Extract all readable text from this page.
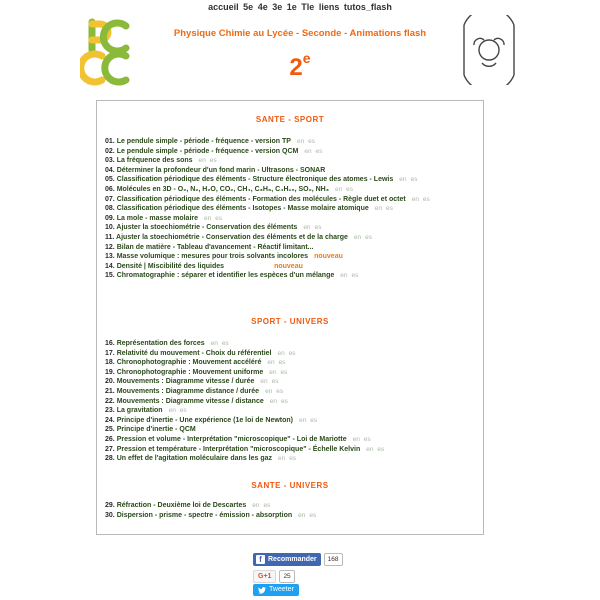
accueil 5e 4e 3e 1e Tle liens tutos_flash
Physique Chimie au Lycée - Seconde - Animations flash
2e
SANTE - SPORT
01. Le pendule simple - période - fréquence - version TP en es
02. Le pendule simple - période - fréquence - version QCM en es
03. La fréquence des sons en es
04. Déterminer la profondeur d'un fond marin - Ultrasons - SONAR
05. Classification périodique des éléments - Structure électronique des atomes - Lewis en es
06. Molécules en 3D - O₂, N₂, H₂O, CO₂, CH₄, C₃H₈, C₄H₁₀, SO₂, NH₃ en es
07. Classification périodique des éléments - Formation des molécules - Règle duet et octet en es
08. Classification périodique des éléments - Isotopes - Masse molaire atomique en es
09. La mole - masse molaire en es
10. Ajuster la stoechiométrie - Conservation des éléments en es
11. Ajuster la stoechiométrie - Conservation des éléments et de la charge en es
12. Bilan de matière - Tableau d'avancement - Réactif limitant...
13. Masse volumique : mesures pour trois solvants incolores nouveau
14. Densité | Miscibilité des liquides	nouveau
15. Chromatographie : séparer et identifier les espèces d'un mélange en es
SPORT - UNIVERS
16. Représentation des forces en es
17. Relativité du mouvement - Choix du référentiel en es
18. Chronophotographie : Mouvement accéléré en es
19. Chronophotographie : Mouvement uniforme en es
20. Mouvements : Diagramme vitesse / durée en es
21. Mouvements : Diagramme distance / durée en es
22. Mouvements : Diagramme vitesse / distance en es
23. La gravitation en es
24. Principe d'inertie - Une expérience (1e loi de Newton) en es
25. Principe d'inertie - QCM
26. Pression et volume - Interprétation "microscopique" - Loi de Mariotte en es
27. Pression et température - Interprétation "microscopique" - Échelle Kelvin en es
28. Un effet de l'agitation moléculaire dans les gaz en es
SANTE - UNIVERS
29. Réfraction - Deuxième loi de Descartes en es
30. Dispersion - prisme - spectre - émission - absorption en es
f Recommander	168
G+1	25
Tweeter
